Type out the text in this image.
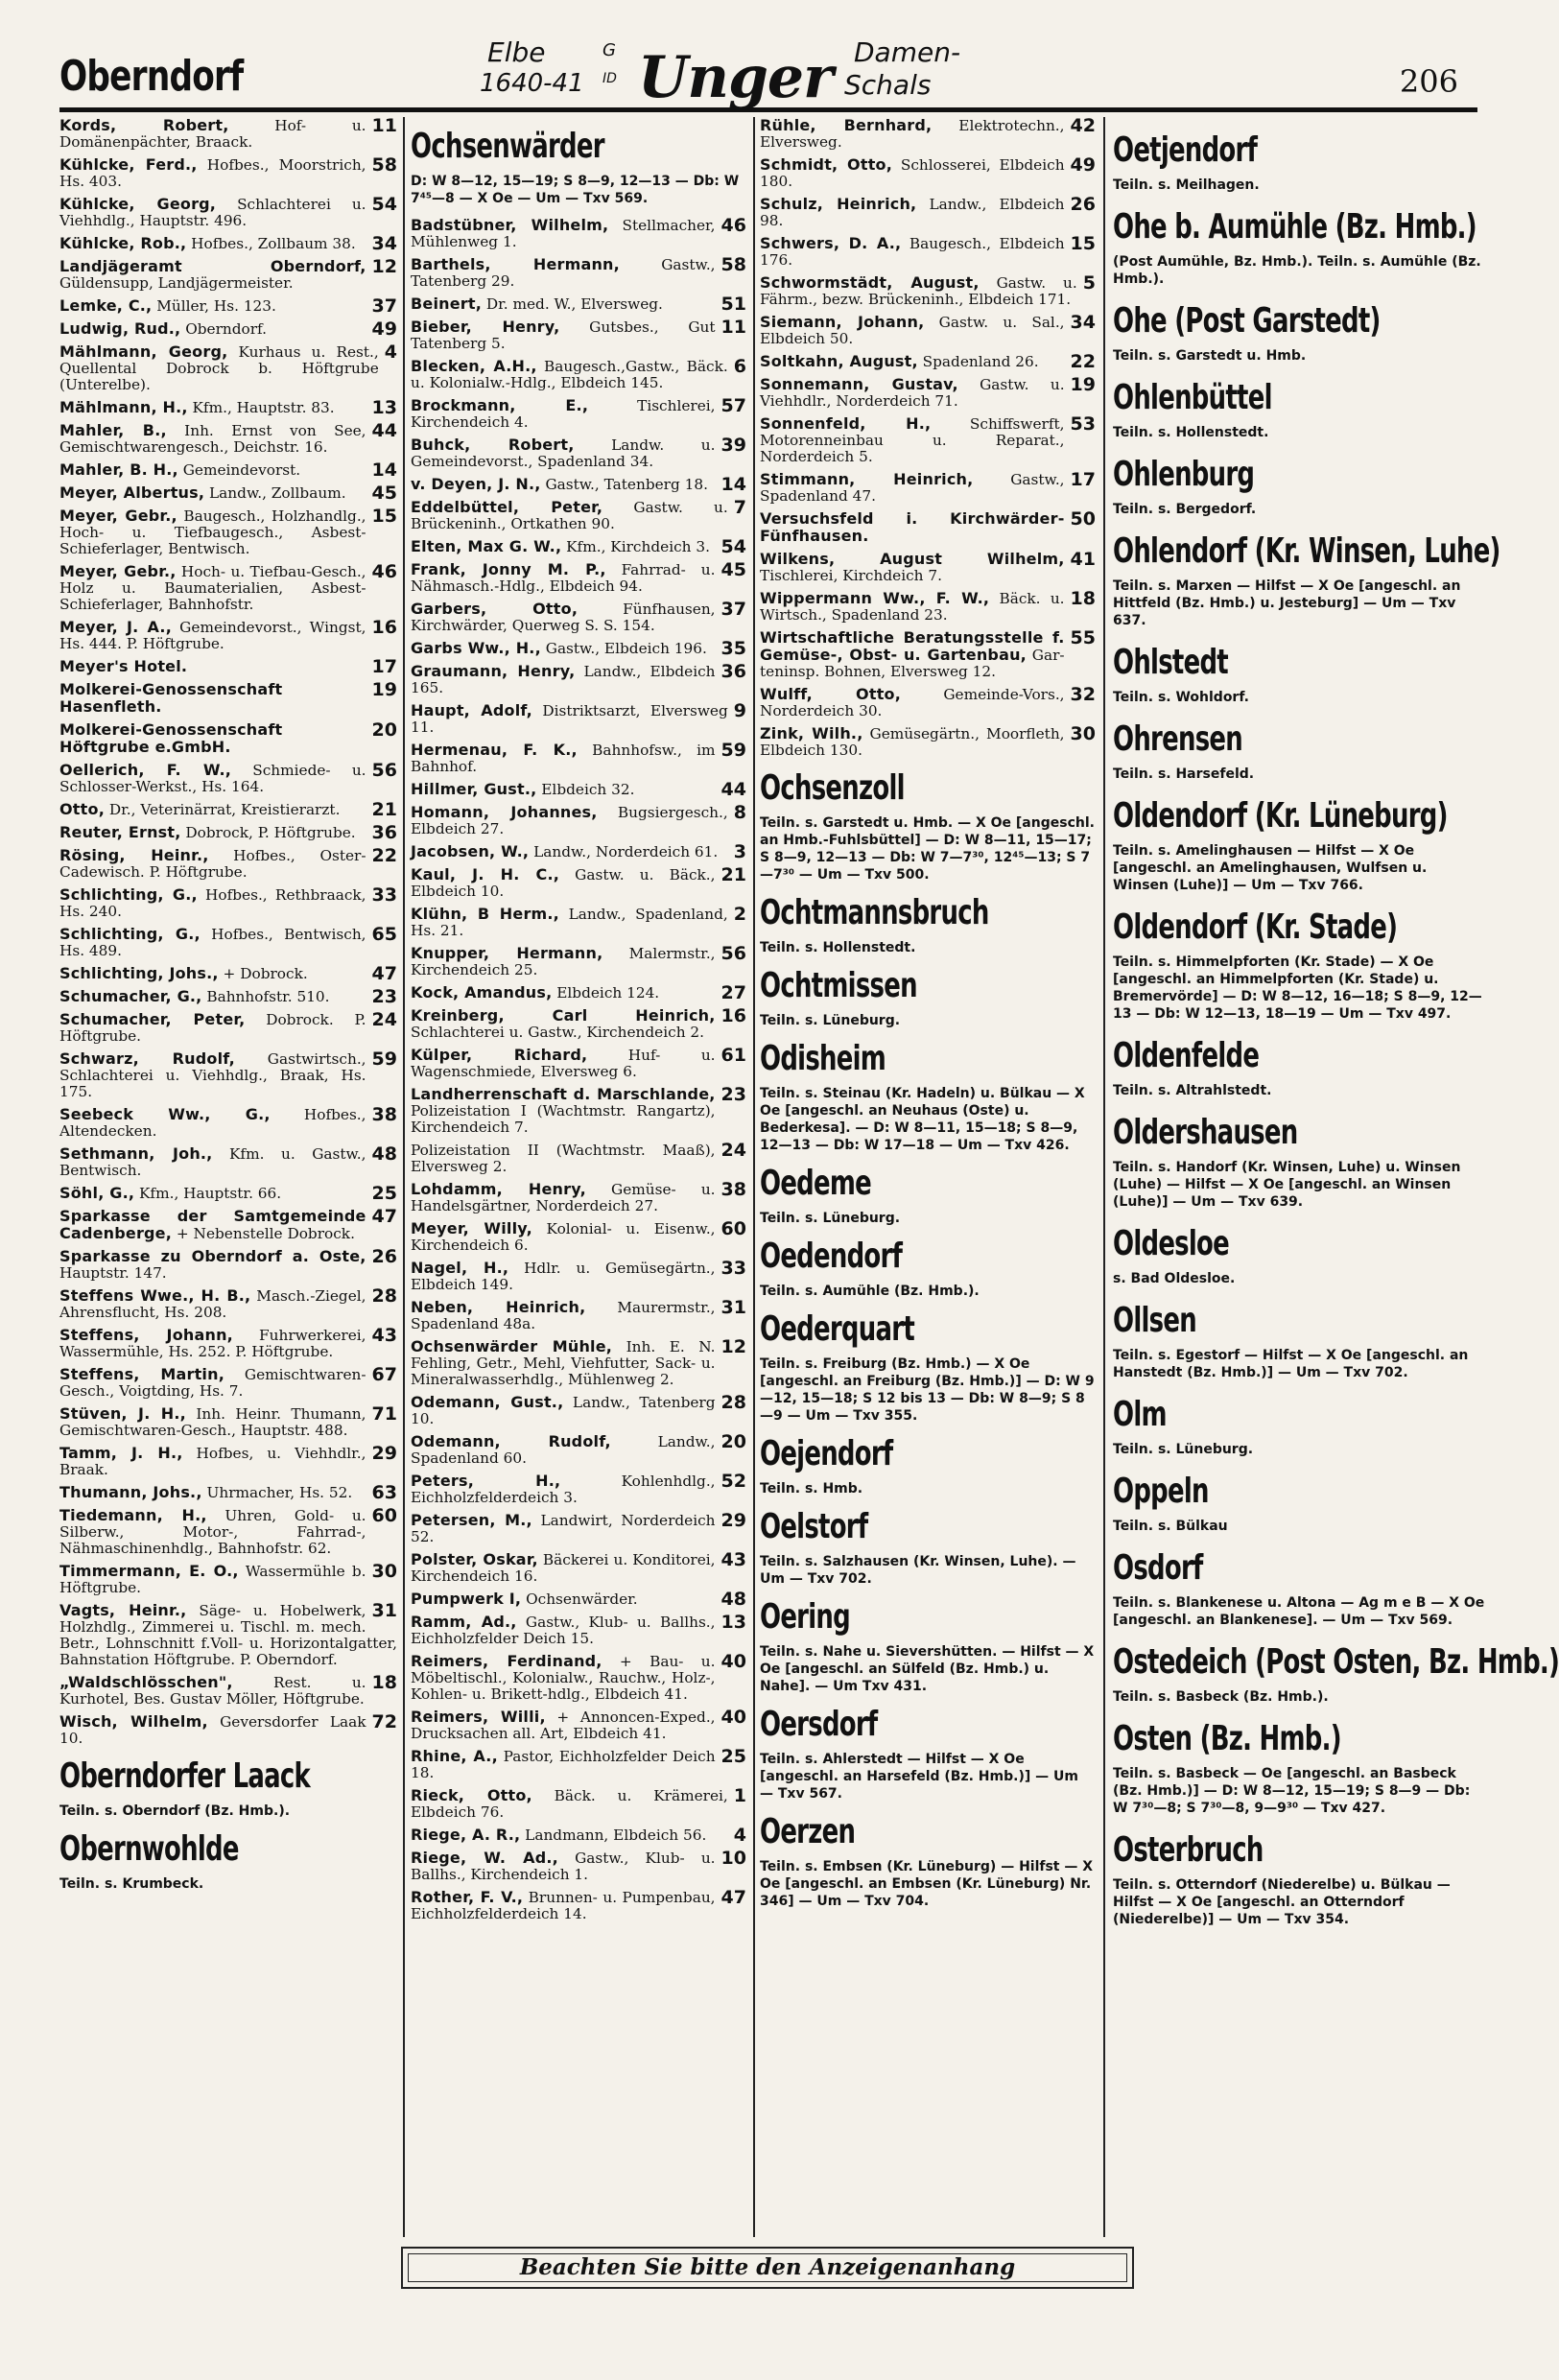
Oberndorf	Elbe
1640-41
G
ID Unger Damen-
Schals	206
11
Kords, Robert, Hof- u. Domänenpächter, Braack.
58
Kühlcke, Ferd., Hofbes., Moorstrich, Hs. 403.
54
Kühlcke, Georg, Schlachterei u. Viehhdlg., Hauptstr. 496.
34
Kühlcke, Rob., Hofbes., Zollbaum 38.
12
Landjägeramt Oberndorf, Güldensupp, Landjägermeister.
37
Lemke, C., Müller, Hs. 123.
49
Ludwig, Rud., Oberndorf.
4
Mählmann, Georg, Kurhaus u. Rest., Quellental Dobrock b. Höftgrube (Unterelbe).
13
Mählmann, H., Kfm., Hauptstr. 83.
44
Mahler, B., Inh. Ernst von See, Gemischtwarengesch., Deichstr. 16.
14
Mahler, B. H., Gemeindevorst.
45
Meyer, Albertus, Landw., Zollbaum.
15
Meyer, Gebr., Baugesch., Holzhandlg., Hoch- u. Tiefbaugesch., Asbest-Schieferlager, Bentwisch.
46
Meyer, Gebr., Hoch- u. Tiefbau-Gesch., Holz u. Baumaterialien, Asbest-Schieferlager, Bahnhofstr.
16
Meyer, J. A., Gemeindevorst., Wingst, Hs. 444. P. Höftgrube.
17
Meyer's Hotel.
19
Molkerei-Genossenschaft Hasenfleth.
20
Molkerei-Genossenschaft Höftgrube e.GmbH.
56
Oellerich, F. W., Schmiede- u. Schlosser-Werkst., Hs. 164.
21
Otto, Dr., Veterinärrat, Kreistierarzt.
36
Reuter, Ernst, Dobrock, P. Höftgrube.
22
Rösing, Heinr., Hofbes., Oster-Cadewisch. P. Höftgrube.
33
Schlichting, G., Hofbes., Rethbraack, Hs. 240.
65
Schlichting, G., Hofbes., Bentwisch, Hs. 489.
47
Schlichting, Johs., + Dobrock.
23
Schumacher, G., Bahnhofstr. 510.
24
Schumacher, Peter, Dobrock. P. Höftgrube.
59
Schwarz, Rudolf, Gastwirtsch., Schlachterei u. Viehhdlg., Braak, Hs. 175.
38
Seebeck Ww., G., Hofbes., Altendecken.
48
Sethmann, Joh., Kfm. u. Gastw., Bentwisch.
25
Söhl, G., Kfm., Hauptstr. 66.
47
Sparkasse der Samtgemeinde Cadenberge, + Nebenstelle Dobrock.
26
Sparkasse zu Oberndorf a. Oste, Hauptstr. 147.
28
Steffens Wwe., H. B., Masch.-Ziegel, Ahrensflucht, Hs. 208.
43
Steffens, Johann, Fuhrwerkerei, Wassermühle, Hs. 252. P. Höftgrube.
67
Steffens, Martin, Gemischtwaren-Gesch., Voigtding, Hs. 7.
71
Stüven, J. H., Inh. Heinr. Thumann, Gemischtwaren-Gesch., Hauptstr. 488.
29
Tamm, J. H., Hofbes, u. Viehhdlr., Braak.
63
Thumann, Johs., Uhrmacher, Hs. 52.
60
Tiedemann, H., Uhren, Gold- u. Silberw., Motor-, Fahrrad-, Nähmaschinenhdlg., Bahnhofstr. 62.
30
Timmermann, E. O., Wassermühle b. Höftgrube.
31
Vagts, Heinr., Säge- u. Hobelwerk, Holzhdlg., Zimmerei u. Tischl. m. mech. Betr., Lohnschnitt f.Voll- u. Horizontalgatter, Bahnstation Höftgrube. P. Oberndorf.
18
„Waldschlösschen", Rest. u. Kurhotel, Bes. Gustav Möller, Höftgrube.
72
Wisch, Wilhelm, Geversdorfer Laak 10.
Oberndorfer Laack
Teiln. s. Oberndorf (Bz. Hmb.).
Obernwohlde
Teiln. s. Krumbeck.
Ochsenwärder
D: W 8—12, 15—19; S 8—9, 12—13 — Db: W 7⁴⁵—8 — X Oe — Um — Txv 569.
46
Badstübner, Wilhelm, Stellmacher, Mühlenweg 1.
58
Barthels, Hermann, Gastw., Tatenberg 29.
51
Beinert, Dr. med. W., Elversweg.
11
Bieber, Henry, Gutsbes., Gut Tatenberg 5.
6
Blecken, A.H., Baugesch.,Gastw., Bäck. u. Kolonialw.-Hdlg., Elbdeich 145.
57
Brockmann, E., Tischlerei, Kirchendeich 4.
39
Buhck, Robert, Landw. u. Gemeindevorst., Spadenland 34.
14
v. Deyen, J. N., Gastw., Tatenberg 18.
7
Eddelbüttel, Peter, Gastw. u. Brückeninh., Ortkathen 90.
54
Elten, Max G. W., Kfm., Kirchdeich 3.
45
Frank, Jonny M. P., Fahrrad- u. Nähmasch.-Hdlg., Elbdeich 94.
37
Garbers, Otto, Fünfhausen, Kirchwärder, Querweg S. S. 154.
35
Garbs Ww., H., Gastw., Elbdeich 196.
36
Graumann, Henry, Landw., Elbdeich 165.
9
Haupt, Adolf, Distriktsarzt, Elversweg 11.
59
Hermenau, F. K., Bahnhofsw., im Bahnhof.
44
Hillmer, Gust., Elbdeich 32.
8
Homann, Johannes, Bugsiergesch., Elbdeich 27.
3
Jacobsen, W., Landw., Norderdeich 61.
21
Kaul, J. H. C., Gastw. u. Bäck., Elbdeich 10.
2
Klühn, B Herm., Landw., Spadenland, Hs. 21.
56
Knupper, Hermann, Malermstr., Kirchendeich 25.
27
Kock, Amandus, Elbdeich 124.
16
Kreinberg, Carl Heinrich, Schlachterei u. Gastw., Kirchendeich 2.
61
Külper, Richard, Huf- u. Wagenschmiede, Elversweg 6.
23
Landherrenschaft d. Marschlande, Polizeistation I (Wachtmstr. Rangartz), Kirchendeich 7.
24
Polizeistation II (Wachtmstr. Maaß), Elversweg 2.
38
Lohdamm, Henry, Gemüse- u. Handelsgärtner, Norderdeich 27.
60
Meyer, Willy, Kolonial- u. Eisenw., Kirchendeich 6.
33
Nagel, H., Hdlr. u. Gemüsegärtn., Elbdeich 149.
31
Neben, Heinrich, Maurermstr., Spadenland 48a.
12
Ochsenwärder Mühle, Inh. E. N. Fehling, Getr., Mehl, Viehfutter, Sack- u. Mineralwasserhdlg., Mühlenweg 2.
28
Odemann, Gust., Landw., Tatenberg 10.
20
Odemann, Rudolf, Landw., Spadenland 60.
52
Peters, H., Kohlenhdlg., Eichholzfelderdeich 3.
29
Petersen, M., Landwirt, Norderdeich 52.
43
Polster, Oskar, Bäckerei u. Konditorei, Kirchendeich 16.
48
Pumpwerk I, Ochsenwärder.
13
Ramm, Ad., Gastw., Klub- u. Ballhs., Eichholzfelder Deich 15.
40
Reimers, Ferdinand, + Bau- u. Möbeltischl., Kolonialw., Rauchw., Holz-, Kohlen- u. Brikett-hdlg., Elbdeich 41.
40
Reimers, Willi, + Annoncen-Exped., Drucksachen all. Art, Elbdeich 41.
25
Rhine, A., Pastor, Eichholzfelder Deich 18.
1
Rieck, Otto, Bäck. u. Krämerei, Elbdeich 76.
4
Riege, A. R., Landmann, Elbdeich 56.
10
Riege, W. Ad., Gastw., Klub- u. Ballhs., Kirchendeich 1.
47
Rother, F. V., Brunnen- u. Pumpenbau, Eichholzfelderdeich 14.
42
Rühle, Bernhard, Elektrotechn., Elversweg.
49
Schmidt, Otto, Schlosserei, Elbdeich 180.
26
Schulz, Heinrich, Landw., Elbdeich 98.
15
Schwers, D. A., Baugesch., Elbdeich 176.
5
Schwormstädt, August, Gastw. u. Fährm., bezw. Brückeninh., Elbdeich 171.
34
Siemann, Johann, Gastw. u. Sal., Elbdeich 50.
22
Soltkahn, August, Spadenland 26.
19
Sonnemann, Gustav, Gastw. u. Viehhdlr., Norderdeich 71.
53
Sonnenfeld, H., Schiffswerft, Motorenneinbau u. Reparat., Norderdeich 5.
17
Stimmann, Heinrich, Gastw., Spadenland 47.
50
Versuchsfeld i. Kirchwärder-Fünfhausen.
41
Wilkens, August Wilhelm, Tischlerei, Kirchdeich 7.
18
Wippermann Ww., F. W., Bäck. u. Wirtsch., Spadenland 23.
55
Wirtschaftliche Beratungsstelle f. Gemüse-, Obst- u. Gartenbau, Garteninsp. Bohnen, Elversweg 12.
32
Wulff, Otto, Gemeinde-Vors., Norderdeich 30.
30
Zink, Wilh., Gemüsegärtn., Moorfleth, Elbdeich 130.
Ochsenzoll
Teiln. s. Garstedt u. Hmb. — X Oe [angeschl. an Hmb.-Fuhlsbüttel] — D: W 8—11, 15—17; S 8—9, 12—13 — Db: W 7—7³⁰, 12⁴⁵—13; S 7—7³⁰ — Um — Txv 500.
Ochtmannsbruch
Teiln. s. Hollenstedt.
Ochtmissen
Teiln. s. Lüneburg.
Odisheim
Teiln. s. Steinau (Kr. Hadeln) u. Bülkau — X Oe [angeschl. an Neuhaus (Oste) u. Bederkesa]. — D: W 8—11, 15—18; S 8—9, 12—13 — Db: W 17—18 — Um — Txv 426.
Oedeme
Teiln. s. Lüneburg.
Oedendorf
Teiln. s. Aumühle (Bz. Hmb.).
Oederquart
Teiln. s. Freiburg (Bz. Hmb.) — X Oe [angeschl. an Freiburg (Bz. Hmb.)] — D: W 9—12, 15—18; S 12 bis 13 — Db: W 8—9; S 8—9 — Um — Txv 355.
Oejendorf
Teiln. s. Hmb.
Oelstorf
Teiln. s. Salzhausen (Kr. Winsen, Luhe). — Um — Txv 702.
Oering
Teiln. s. Nahe u. Sievershütten. — Hilfst — X Oe [angeschl. an Sülfeld (Bz. Hmb.) u. Nahe]. — Um Txv 431.
Oersdorf
Teiln. s. Ahlerstedt — Hilfst — X Oe [angeschl. an Harsefeld (Bz. Hmb.)] — Um — Txv 567.
Oerzen
Teiln. s. Embsen (Kr. Lüneburg) — Hilfst — X Oe [angeschl. an Embsen (Kr. Lüneburg) Nr. 346] — Um — Txv 704.
Oetjendorf
Teiln. s. Meilhagen.
Ohe b. Aumühle (Bz. Hmb.)
(Post Aumühle, Bz. Hmb.). Teiln. s. Aumühle (Bz. Hmb.).
Ohe (Post Garstedt)
Teiln. s. Garstedt u. Hmb.
Ohlenbüttel
Teiln. s. Hollenstedt.
Ohlenburg
Teiln. s. Bergedorf.
Ohlendorf (Kr. Winsen, Luhe)
Teiln. s. Marxen — Hilfst — X Oe [angeschl. an Hittfeld (Bz. Hmb.) u. Jesteburg] — Um — Txv 637.
Ohlstedt
Teiln. s. Wohldorf.
Ohrensen
Teiln. s. Harsefeld.
Oldendorf (Kr. Lüneburg)
Teiln. s. Amelinghausen — Hilfst — X Oe [angeschl. an Amelinghausen, Wulfsen u. Winsen (Luhe)] — Um — Txv 766.
Oldendorf (Kr. Stade)
Teiln. s. Himmelpforten (Kr. Stade) — X Oe [angeschl. an Himmelpforten (Kr. Stade) u. Bremervörde] — D: W 8—12, 16—18; S 8—9, 12—13 — Db: W 12—13, 18—19 — Um — Txv 497.
Oldenfelde
Teiln. s. Altrahlstedt.
Oldershausen
Teiln. s. Handorf (Kr. Winsen, Luhe) u. Winsen (Luhe) — Hilfst — X Oe [angeschl. an Winsen (Luhe)] — Um — Txv 639.
Oldesloe
s. Bad Oldesloe.
Ollsen
Teiln. s. Egestorf — Hilfst — X Oe [angeschl. an Hanstedt (Bz. Hmb.)] — Um — Txv 702.
Olm
Teiln. s. Lüneburg.
Oppeln
Teiln. s. Bülkau
Osdorf
Teiln. s. Blankenese u. Altona — Ag m e B — X Oe [angeschl. an Blankenese]. — Um — Txv 569.
Ostedeich (Post Osten, Bz. Hmb.)
Teiln. s. Basbeck (Bz. Hmb.).
Osten (Bz. Hmb.)
Teiln. s. Basbeck — Oe [angeschl. an Basbeck (Bz. Hmb.)] — D: W 8—12, 15—19; S 8—9 — Db: W 7³⁰—8; S 7³⁰—8, 9—9³⁰ — Txv 427.
Osterbruch
Teiln. s. Otterndorf (Niederelbe) u. Bülkau — Hilfst — X Oe [angeschl. an Otterndorf (Niederelbe)] — Um — Txv 354.
Beachten Sie bitte den Anzeigenanhang
